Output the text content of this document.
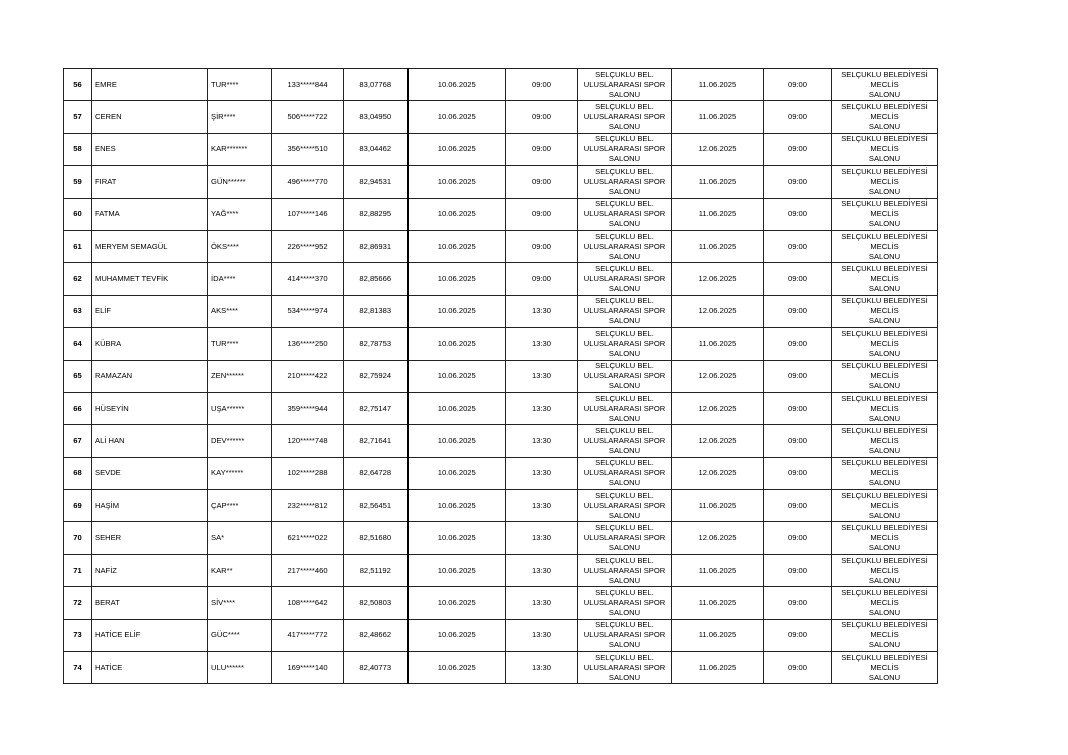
56	EMRE	TUR****	133*****844	83,07768	10.06.2025	09:00	SELÇUKLU BEL.
ULUSLARARASI SPOR
SALONU	11.06.2025	09:00	SELÇUKLU BELEDİYESİ MECLİS
SALONU

57	CEREN	ŞİR****	506*****722	83,04950	10.06.2025	09:00	SELÇUKLU BEL.
ULUSLARARASI SPOR
SALONU	11.06.2025	09:00	SELÇUKLU BELEDİYESİ MECLİS
SALONU

58	ENES	KAR*******	356*****510	83,04462	10.06.2025	09:00	SELÇUKLU BEL.
ULUSLARARASI SPOR
SALONU	12.06.2025	09:00	SELÇUKLU BELEDİYESİ MECLİS
SALONU

59	FIRAT	GÜN******	496*****770	82,94531	10.06.2025	09:00	SELÇUKLU BEL.
ULUSLARARASI SPOR
SALONU	11.06.2025	09:00	SELÇUKLU BELEDİYESİ MECLİS
SALONU

60	FATMA	YAĞ****	107*****146	82,88295	10.06.2025	09:00	SELÇUKLU BEL.
ULUSLARARASI SPOR
SALONU	11.06.2025	09:00	SELÇUKLU BELEDİYESİ MECLİS
SALONU

61	MERYEM SEMAGÜL	ÖKS****	226*****952	82,86931	10.06.2025	09:00	SELÇUKLU BEL.
ULUSLARARASI SPOR
SALONU	11.06.2025	09:00	SELÇUKLU BELEDİYESİ MECLİS
SALONU

62	MUHAMMET TEVFİK	İDA****	414*****370	82,85666	10.06.2025	09:00	SELÇUKLU BEL.
ULUSLARARASI SPOR
SALONU	12.06.2025	09:00	SELÇUKLU BELEDİYESİ MECLİS
SALONU

63	ELİF	AKS****	534*****974	82,81383	10.06.2025	13:30	SELÇUKLU BEL.
ULUSLARARASI SPOR
SALONU	12.06.2025	09:00	SELÇUKLU BELEDİYESİ MECLİS
SALONU

64	KÜBRA	TUR****	136*****250	82,78753	10.06.2025	13:30	SELÇUKLU BEL.
ULUSLARARASI SPOR
SALONU	11.06.2025	09:00	SELÇUKLU BELEDİYESİ MECLİS
SALONU

65	RAMAZAN	ZEN******	210*****422	82,75924	10.06.2025	13:30	SELÇUKLU BEL.
ULUSLARARASI SPOR
SALONU	12.06.2025	09:00	SELÇUKLU BELEDİYESİ MECLİS
SALONU

66	HÜSEYİN	UŞA******	359*****944	82,75147	10.06.2025	13:30	SELÇUKLU BEL.
ULUSLARARASI SPOR
SALONU	12.06.2025	09:00	SELÇUKLU BELEDİYESİ MECLİS
SALONU

67	ALİ HAN	DEV******	120*****748	82,71641	10.06.2025	13:30	SELÇUKLU BEL.
ULUSLARARASI SPOR
SALONU	12.06.2025	09:00	SELÇUKLU BELEDİYESİ MECLİS
SALONU

68	SEVDE	KAY******	102*****288	82,64728	10.06.2025	13:30	SELÇUKLU BEL.
ULUSLARARASI SPOR
SALONU	12.06.2025	09:00	SELÇUKLU BELEDİYESİ MECLİS
SALONU

69	HAŞİM	ÇAP****	232*****812	82,56451	10.06.2025	13:30	SELÇUKLU BEL.
ULUSLARARASI SPOR
SALONU	11.06.2025	09:00	SELÇUKLU BELEDİYESİ MECLİS
SALONU

70	SEHER	SA*	621*****022	82,51680	10.06.2025	13:30	SELÇUKLU BEL.
ULUSLARARASI SPOR
SALONU	12.06.2025	09:00	SELÇUKLU BELEDİYESİ MECLİS
SALONU

71	NAFİZ	KAR**	217*****460	82,51192	10.06.2025	13:30	SELÇUKLU BEL.
ULUSLARARASI SPOR
SALONU	11.06.2025	09:00	SELÇUKLU BELEDİYESİ MECLİS
SALONU

72	BERAT	SİV****	108*****642	82,50803	10.06.2025	13:30	SELÇUKLU BEL.
ULUSLARARASI SPOR
SALONU	11.06.2025	09:00	SELÇUKLU BELEDİYESİ MECLİS
SALONU

73	HATİCE ELİF	GÜC****	417*****772	82,48662	10.06.2025	13:30	SELÇUKLU BEL.
ULUSLARARASI SPOR
SALONU	11.06.2025	09:00	SELÇUKLU BELEDİYESİ MECLİS
SALONU

74	HATİCE	ULU******	169*****140	82,40773	10.06.2025	13:30	SELÇUKLU BEL.
ULUSLARARASI SPOR
SALONU	11.06.2025	09:00	SELÇUKLU BELEDİYESİ MECLİS
SALONU
